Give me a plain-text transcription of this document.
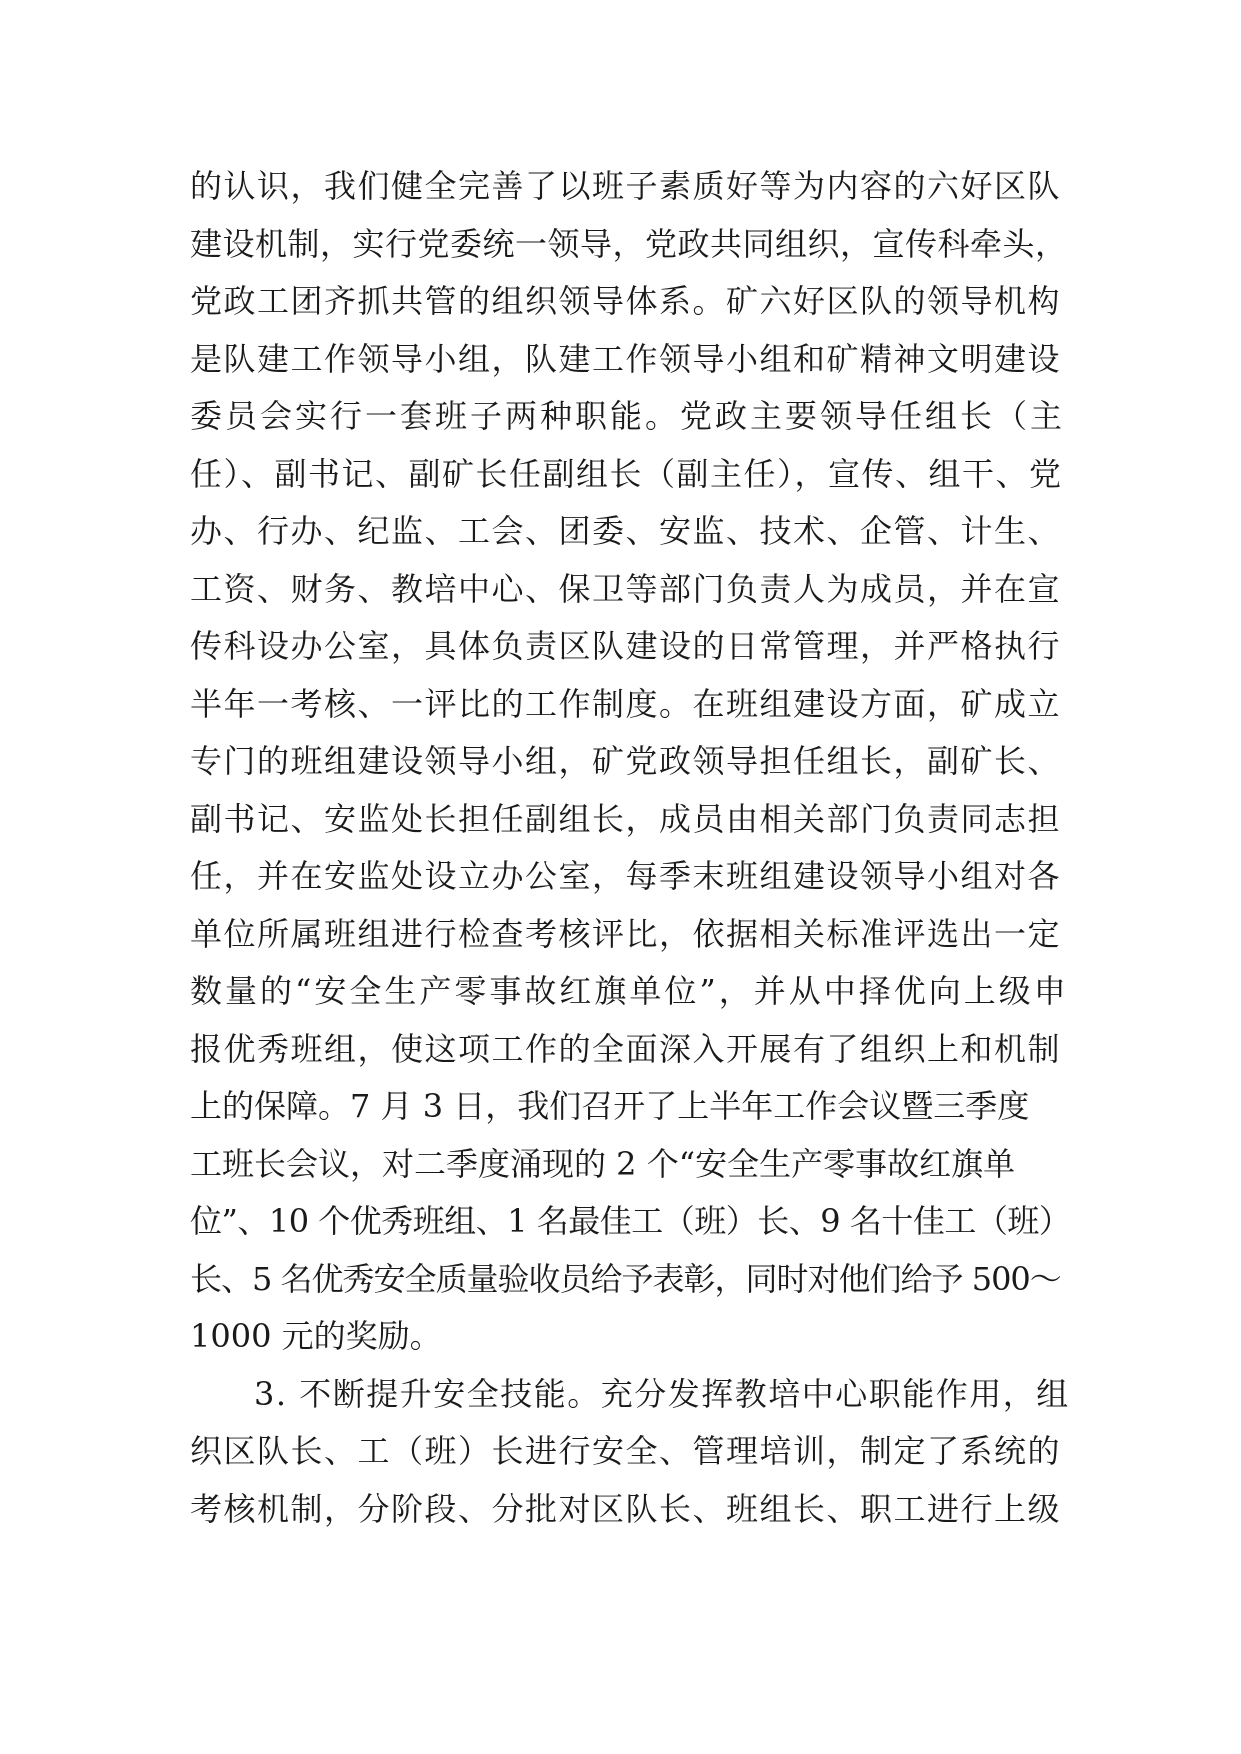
的认识，我们健全完善了以班子素质好等为内容的六好区队
建设机制，实行党委统一领导，党政共同组织，宣传科牵头，
党政工团齐抓共管的组织领导体系。矿六好区队的领导机构
是队建工作领导小组，队建工作领导小组和矿精神文明建设
委员会实行一套班子两种职能。党政主要领导任组长（主
任）、副书记、副矿长任副组长（副主任），宣传、组干、党
办、行办、纪监、工会、团委、安监、技术、企管、计生、
工资、财务、教培中心、保卫等部门负责人为成员，并在宣
传科设办公室，具体负责区队建设的日常管理，并严格执行
半年一考核、一评比的工作制度。在班组建设方面，矿成立
专门的班组建设领导小组，矿党政领导担任组长，副矿长、
副书记、安监处长担任副组长，成员由相关部门负责同志担
任，并在安监处设立办公室，每季末班组建设领导小组对各
单位所属班组进行检查考核评比，依据相关标准评选出一定
数量的“安全生产零事故红旗单位”，并从中择优向上级申
报优秀班组，使这项工作的全面深入开展有了组织上和机制
上的保障。7 月 3 日，我们召开了上半年工作会议暨三季度
工班长会议，对二季度涌现的 2 个“安全生产零事故红旗单
位”、10 个优秀班组、1 名最佳工（班）长、9 名十佳工（班）
长、5 名优秀安全质量验收员给予表彰，同时对他们给予 500～
1000 元的奖励。
3. 不断提升安全技能。充分发挥教培中心职能作用，组
织区队长、工（班）长进行安全、管理培训，制定了系统的
考核机制，分阶段、分批对区队长、班组长、职工进行上级
